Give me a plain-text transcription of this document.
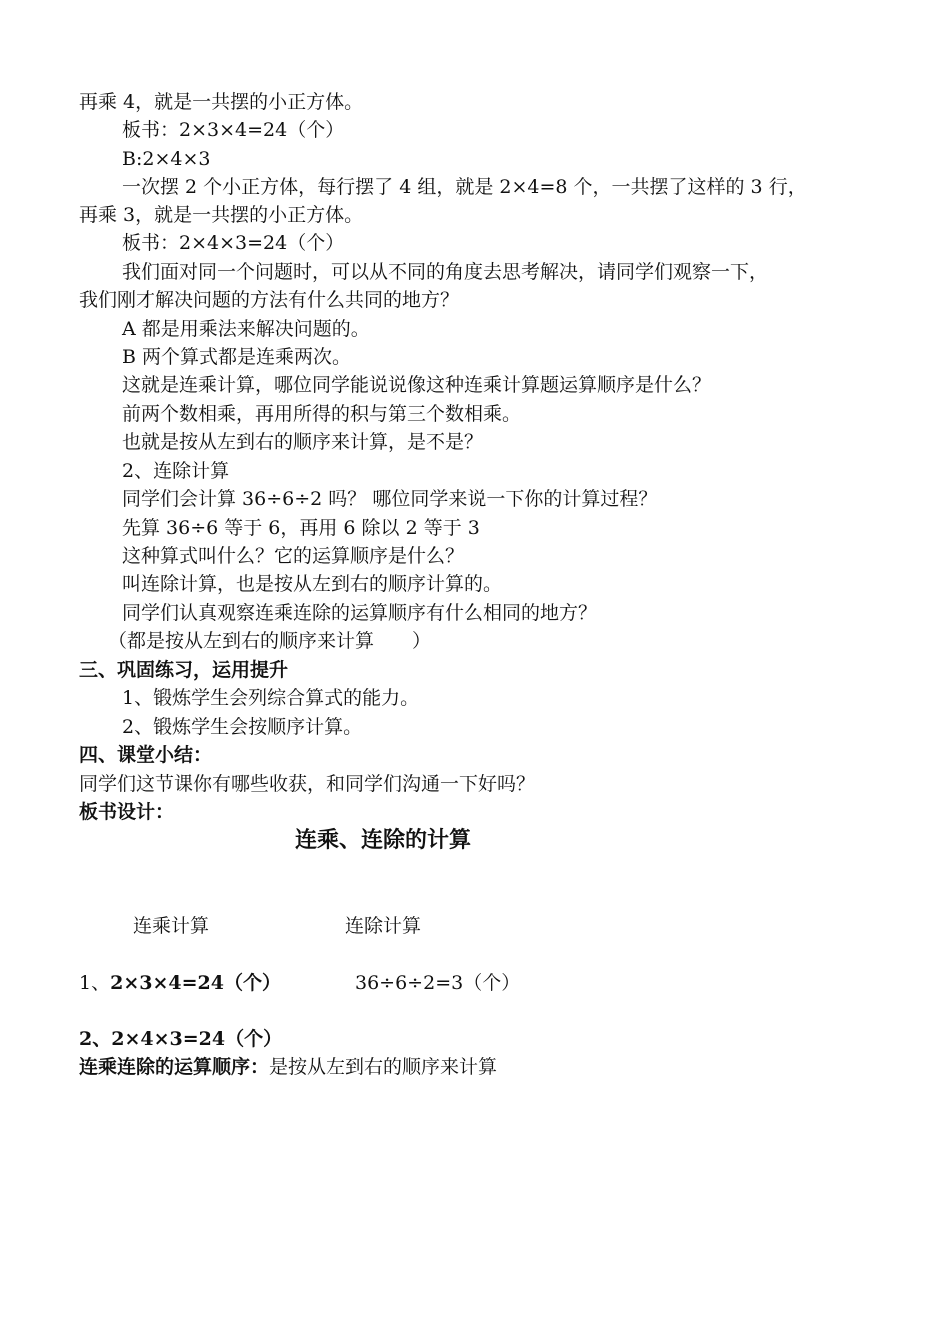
再乘 4，就是一共摆的小正方体。
板书：2×3×4=24（个）
B:2×4×3
一次摆 2 个小正方体，每行摆了 4 组，就是 2×4=8 个，一共摆了这样的 3 行，
再乘 3，就是一共摆的小正方体。
板书：2×4×3=24（个）
我们面对同一个问题时，可以从不同的角度去思考解决，请同学们观察一下，
我们刚才解决问题的方法有什么共同的地方？
A 都是用乘法来解决问题的。
B 两个算式都是连乘两次。
这就是连乘计算，哪位同学能说说像这种连乘计算题运算顺序是什么？
前两个数相乘，再用所得的积与第三个数相乘。
也就是按从左到右的顺序来计算，是不是？
2、连除计算
同学们会计算 36÷6÷2 吗？ 哪位同学来说一下你的计算过程？
先算 36÷6 等于 6，再用 6 除以 2 等于 3
这种算式叫什么？它的运算顺序是什么？
叫连除计算，也是按从左到右的顺序计算的。
同学们认真观察连乘连除的运算顺序有什么相同的地方？
（都是按从左到右的顺序来计算　　）
三、巩固练习，运用提升
1、锻炼学生会列综合算式的能力。
2、锻炼学生会按顺序计算。
四、课堂小结：
同学们这节课你有哪些收获，和同学们沟通一下好吗？
板书设计：
连乘、连除的计算
连乘计算	连除计算
1、2×3×4=24（个）	36÷6÷2=3（个）
2、2×4×3=24（个）
连乘连除的运算顺序：是按从左到右的顺序来计算
